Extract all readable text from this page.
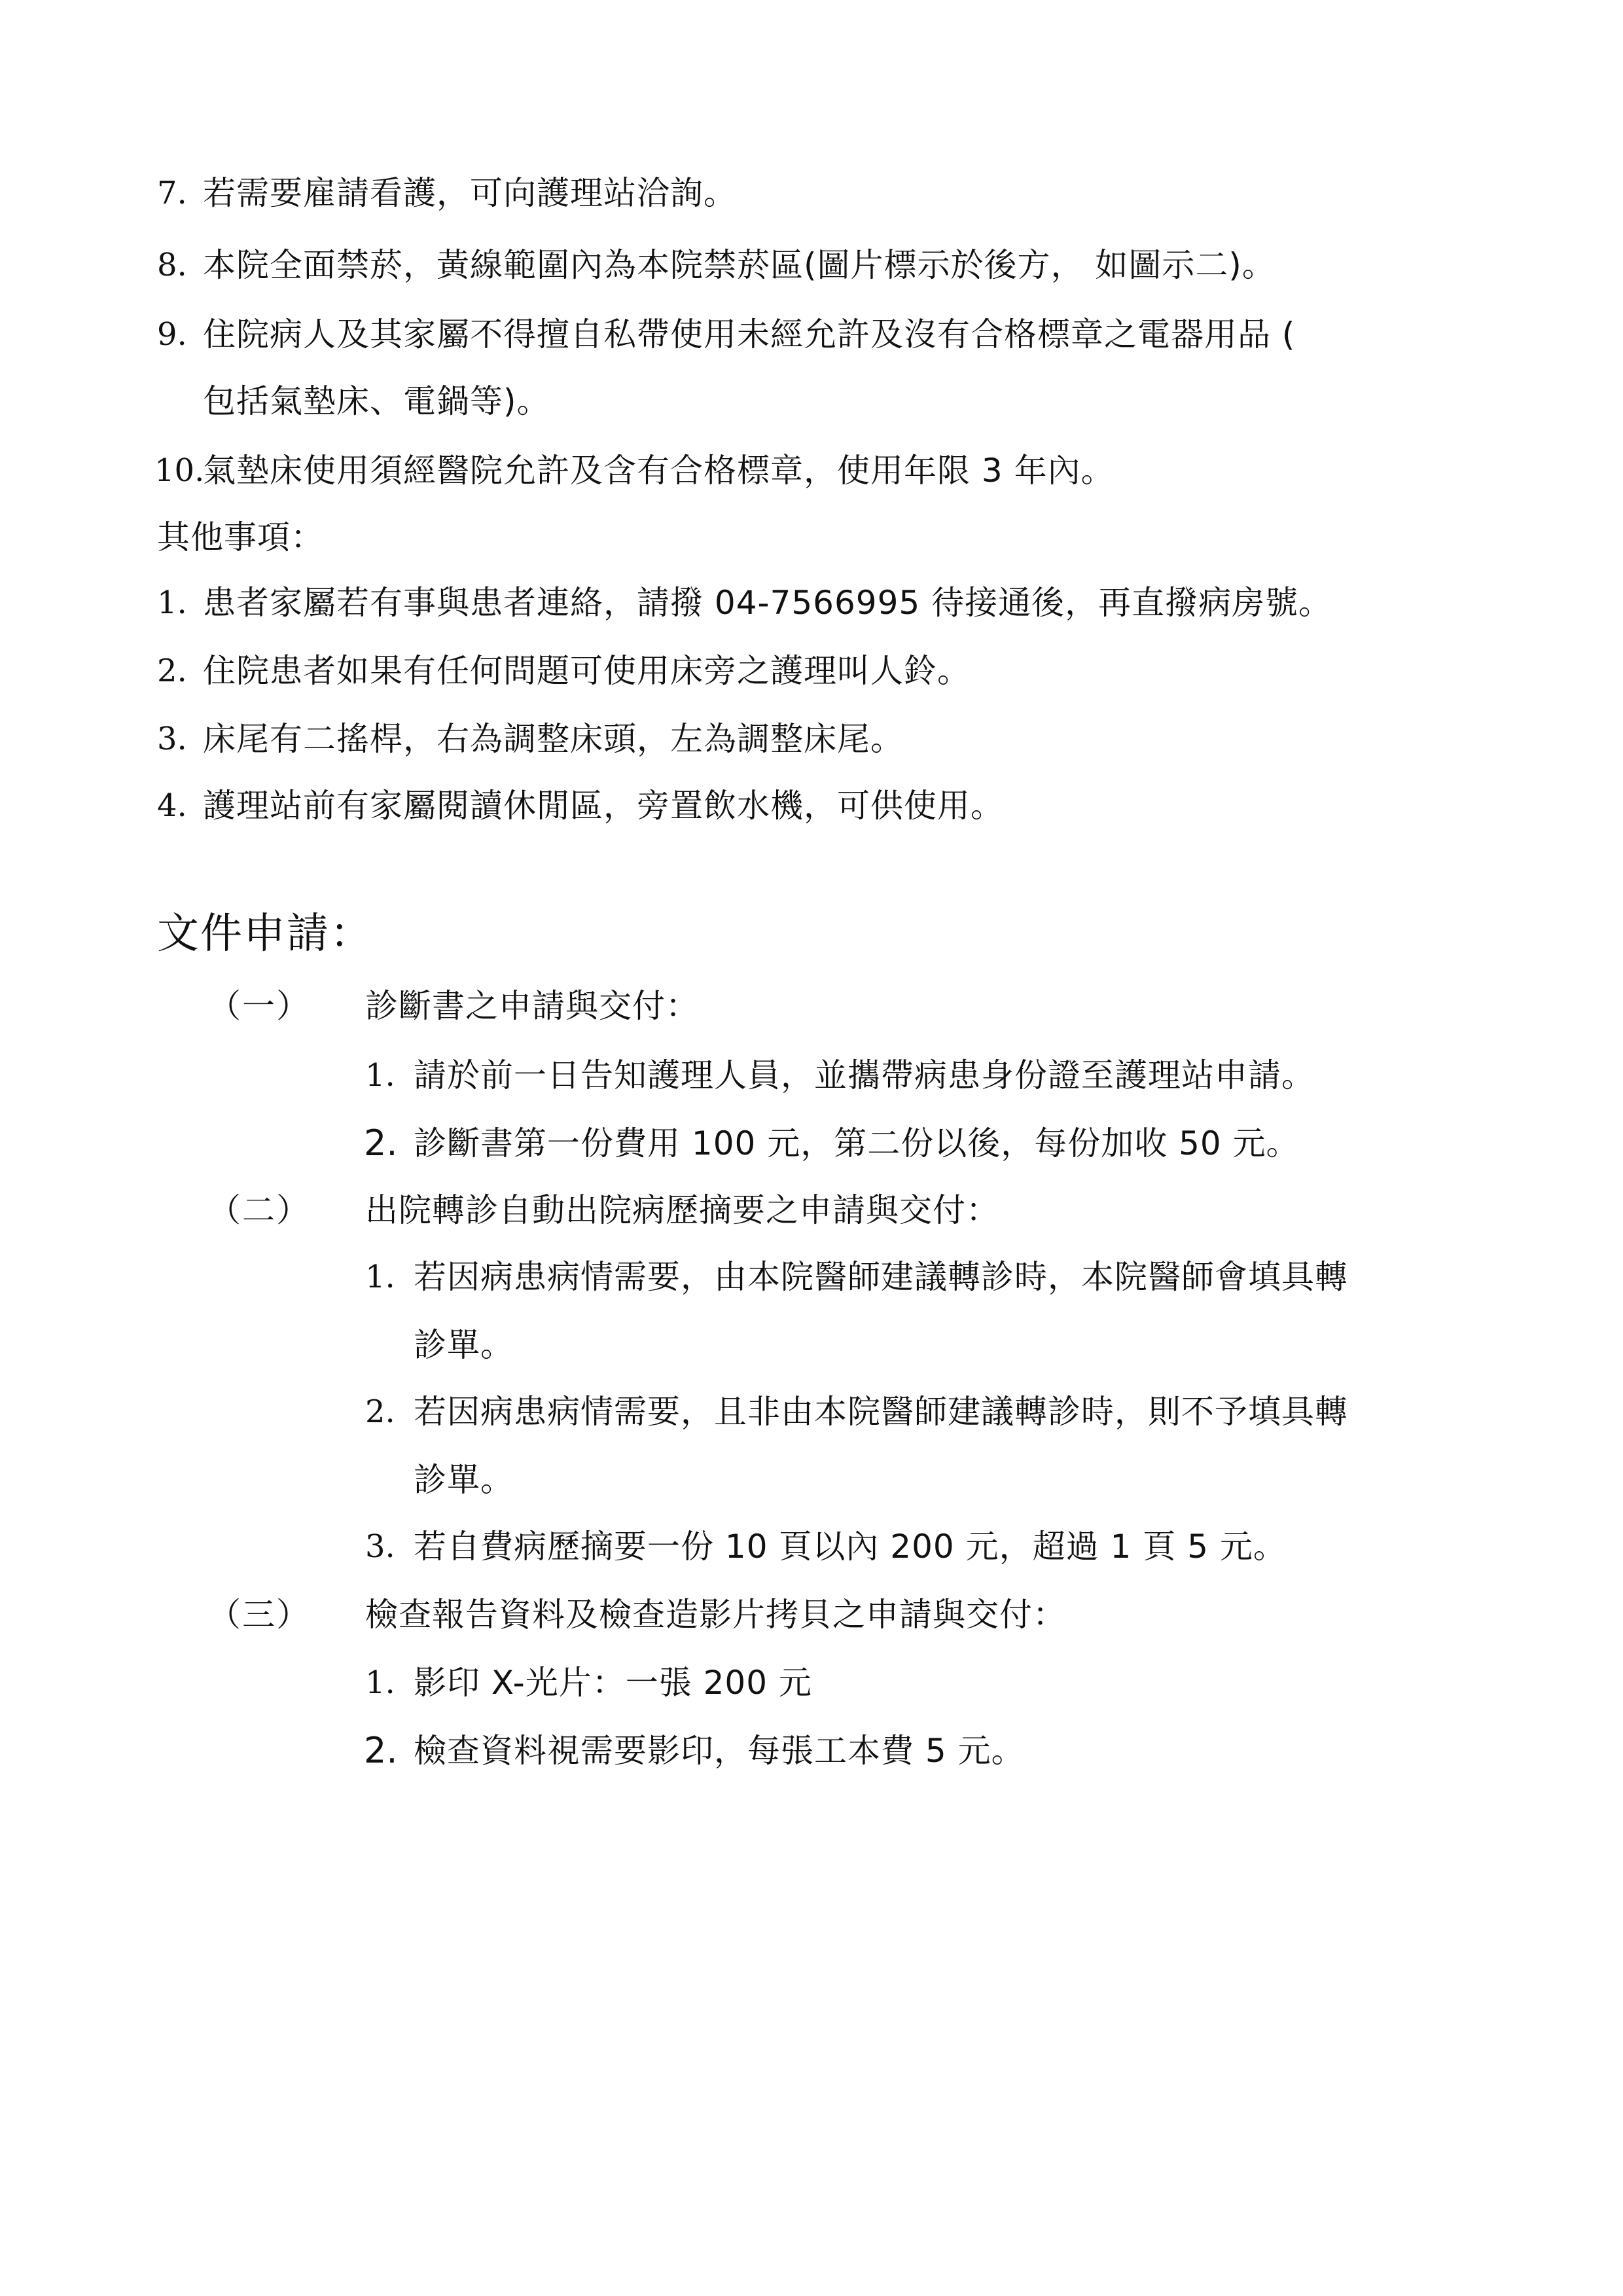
7. 若需要雇請看護，可向護理站洽詢。
8. 本院全面禁菸，黃線範圍內為本院禁菸區(圖片標示於後方， 如圖示二)。
9. 住院病人及其家屬不得擅自私帶使用未經允許及沒有合格標章之電器用品 (
包括氣墊床、電鍋等)。
10.
氣墊床使用須經醫院允許及含有合格標章，使用年限 3 年內。
其他事項：
1. 患者家屬若有事與患者連絡，請撥 04-7566995 待接通後，再直撥病房號。
2. 住院患者如果有任何問題可使用床旁之護理叫人鈴。
3. 床尾有二搖桿，右為調整床頭，左為調整床尾。
4. 護理站前有家屬閱讀休閒區，旁置飲水機，可供使用。
文件申請：
（一） 診斷書之申請與交付：
1. 請於前一日告知護理人員，並攜帶病患身份證至護理站申請。
2. 診斷書第一份費用 100 元，第二份以後，每份加收 50 元。
（二） 出院轉診自動出院病歷摘要之申請與交付：
1. 若因病患病情需要，由本院醫師建議轉診時，本院醫師會填具轉
診單。
2. 若因病患病情需要，且非由本院醫師建議轉診時，則不予填具轉
診單。
3. 若自費病歷摘要一份 10 頁以內 200 元，超過 1 頁 5 元。
（三） 檢查報告資料及檢查造影片拷貝之申請與交付：
1. 影印 X-光片：一張 200 元
2. 檢查資料視需要影印，每張工本費 5 元。
